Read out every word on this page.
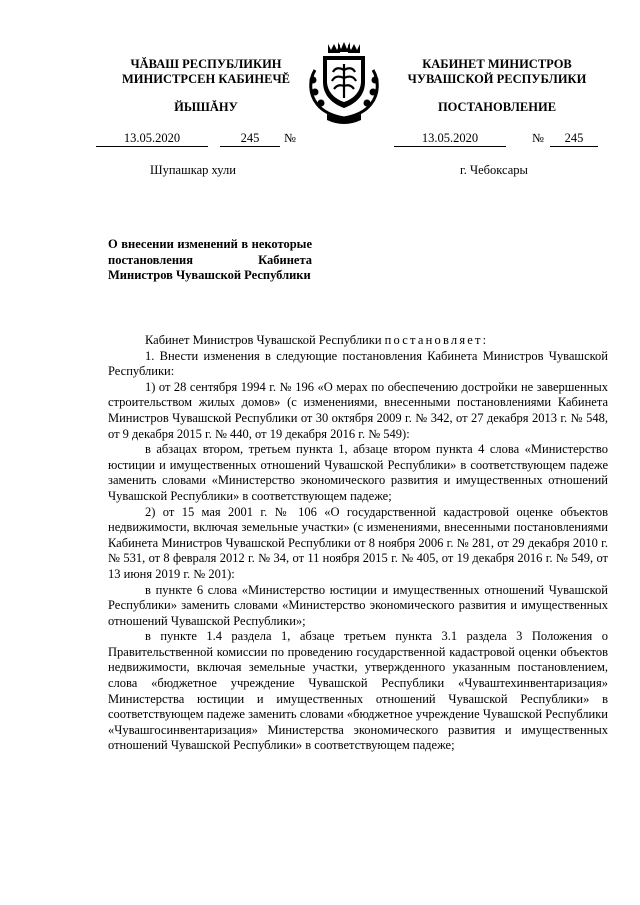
ЧĂВАШ РЕСПУБЛИКИН
МИНИСТРСЕН КАБИНЕЧĔ
ЙЫШĂНУ
КАБИНЕТ МИНИСТРОВ
ЧУВАШСКОЙ РЕСПУБЛИКИ
ПОСТАНОВЛЕНИЕ
13.05.2020	245	№	13.05.2020	№	245
Шупашкар хули	г. Чебоксары
О внесении изменений в некоторые постановления Кабинета Министров Чувашской Республики

Кабинет Министров Чувашской Республики постановляет:

1. Внести изменения в следующие постановления Кабинета Министров Чувашской Республики:

1) от 28 сентября 1994 г. № 196 «О мерах по обеспечению достройки не завершенных строительством жилых домов» (с изменениями, внесенными постановлениями Кабинета Министров Чувашской Республики от 30 октября 2009 г. № 342, от 27 декабря 2013 г. № 548, от 9 декабря 2015 г. № 440, от 19 декабря 2016 г. № 549):

в абзацах втором, третьем пункта 1, абзаце втором пункта 4 слова «Министерство юстиции и имущественных отношений Чувашской Республики» в соответствующем падеже заменить словами «Министерство экономического развития и имущественных отношений Чувашской Республики» в соответствующем падеже;

2) от 15 мая 2001 г. № 106 «О государственной кадастровой оценке объектов недвижимости, включая земельные участки» (с изменениями, внесенными постановлениями Кабинета Министров Чувашской Республики от 8 ноября 2006 г. № 281, от 29 декабря 2010 г. № 531, от 8 февраля 2012 г. № 34, от 11 ноября 2015 г. № 405, от 19 декабря 2016 г. № 549, от 13 июня 2019 г. № 201):

в пункте 6 слова «Министерство юстиции и имущественных отношений Чувашской Республики» заменить словами «Министерство экономического развития и имущественных отношений Чувашской Республики»;

в пункте 1.4 раздела 1, абзаце третьем пункта 3.1 раздела 3 Положения о Правительственной комиссии по проведению государственной кадастровой оценки объектов недвижимости, включая земельные участки, утвержденного указанным постановлением, слова «бюджетное учреждение Чувашской Республики «Чуваштехинвентаризация» Министерства юстиции и имущественных отношений Чувашской Республики» в соответствующем падеже заменить словами «бюджетное учреждение Чувашской Республики «Чувашгосинвентаризация» Министерства экономического развития и имущественных отношений Чувашской Республики» в соответствующем падеже;
